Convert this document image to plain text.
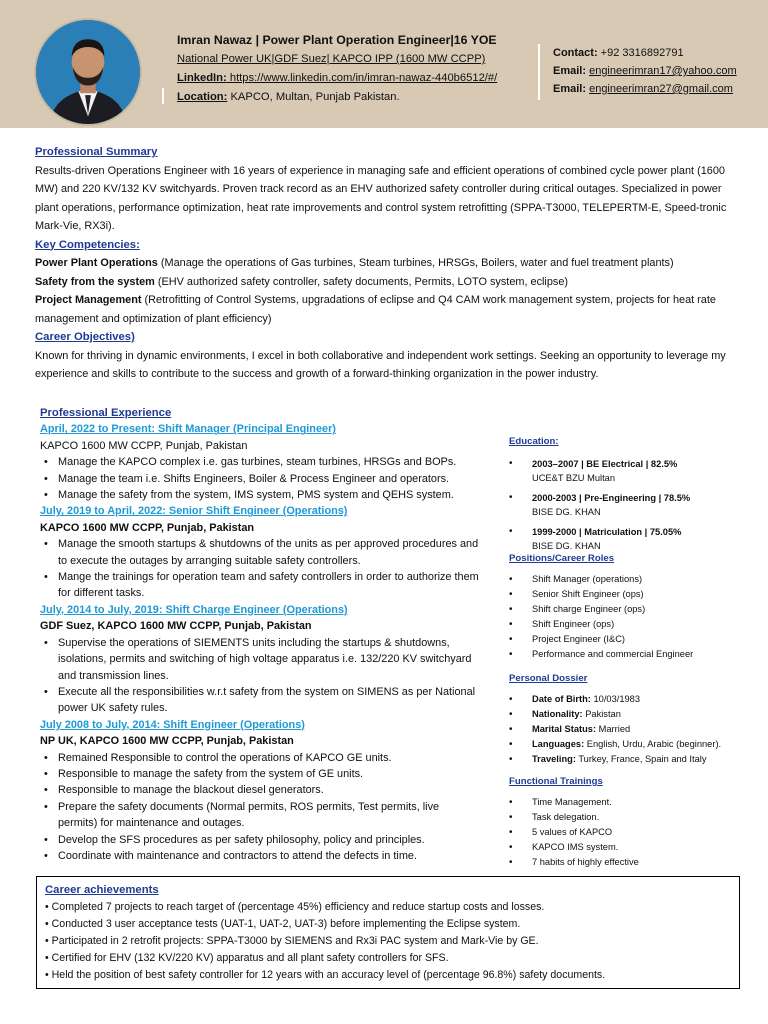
Imran Nawaz | Power Plant Operation Engineer|16 YOE
National Power UK|GDF Suez| KAPCO IPP (1600 MW CCPP)
LinkedIn: https://www.linkedin.com/in/imran-nawaz-440b6512/#/
Location: KAPCO, Multan, Punjab Pakistan.
Contact: +92 3316892791
Email: engineerimran17@yahoo.com
Email: engineerimran27@gmail.com
Professional Summary
Results-driven Operations Engineer with 16 years of experience in managing safe and efficient operations of combined cycle power plant (1600 MW) and 220 KV/132 KV switchyards. Proven track record as an EHV authorized safety controller during critical outages. Specialized in power plant operations, performance optimization, heat rate improvements and control system retrofitting (SPPA-T3000, TELEPERTM-E, Speed-tronic Mark-Vie, RX3i).
Key Competencies:
Power Plant Operations (Manage the operations of Gas turbines, Steam turbines, HRSGs, Boilers, water and fuel treatment plants)
Safety from the system (EHV authorized safety controller, safety documents, Permits, LOTO system, eclipse)
Project Management (Retrofitting of Control Systems, upgradations of eclipse and Q4 CAM work management system, projects for heat rate management and optimization of plant efficiency)
Career Objectives)
Known for thriving in dynamic environments, I excel in both collaborative and independent work settings. Seeking an opportunity to leverage my experience and skills to contribute to the success and growth of a forward-thinking organization in the power industry.
Professional Experience
April, 2022 to Present: Shift Manager (Principal Engineer)
KAPCO 1600 MW CCPP, Punjab, Pakistan
• Manage the KAPCO complex i.e. gas turbines, steam turbines, HRSGs and BOPs.
• Manage the team i.e. Shifts Engineers, Boiler & Process Engineer and operators.
• Manage the safety from the system, IMS system, PMS system and QEHS system.
July, 2019 to April, 2022: Senior Shift Engineer (Operations)
KAPCO 1600 MW CCPP, Punjab, Pakistan
• Manage the smooth startups & shutdowns of the units as per approved procedures and to execute the outages by arranging suitable safety controllers.
• Mange the trainings for operation team and safety controllers in order to authorize them for different tasks.
July, 2014 to July, 2019: Shift Charge Engineer (Operations)
GDF Suez, KAPCO 1600 MW CCPP, Punjab, Pakistan
• Supervise the operations of SIEMENTS units including the startups & shutdowns, isolations, permits and switching of high voltage apparatus i.e. 132/220 KV switchyard and transmission lines.
• Execute all the responsibilities w.r.t safety from the system on SIMENS as per National power UK safety rules.
July 2008 to July, 2014: Shift Engineer (Operations)
NP UK, KAPCO 1600 MW CCPP, Punjab, Pakistan
• Remained Responsible to control the operations of KAPCO GE units.
• Responsible to manage the safety from the system of GE units.
• Responsible to manage the blackout diesel generators.
• Prepare the safety documents (Normal permits, ROS permits, Test permits, live permits) for maintenance and outages.
• Develop the SFS procedures as per safety philosophy, policy and principles.
• Coordinate with maintenance and contractors to attend the defects in time.
Education:
• 2003–2007 | BE Electrical | 82.5%
UCE&T BZU Multan
• 2000-2003 | Pre-Engineering | 78.5%
BISE DG. KHAN
• 1999-2000 | Matriculation | 75.05%
BISE DG. KHAN
Positions/Career Roles
• Shift Manager (operations)
• Senior Shift Engineer (ops)
• Shift charge Engineer (ops)
• Shift Engineer (ops)
• Project Engineer (I&C)
• Performance and commercial Engineer
Personal Dossier
• Date of Birth: 10/03/1983
• Nationality: Pakistan
• Marital Status: Married
• Languages: English, Urdu, Arabic (beginner).
• Traveling: Turkey, France, Spain and Italy
Functional Trainings
• Time Management.
• Task delegation.
• 5 values of KAPCO
• KAPCO IMS system.
• 7 habits of highly effective
Career achievements
• Completed 7 projects to reach target of (percentage 45%) efficiency and reduce startup costs and losses.
• Conducted 3 user acceptance tests (UAT-1, UAT-2, UAT-3) before implementing the Eclipse system.
• Participated in 2 retrofit projects: SPPA-T3000 by SIEMENS and Rx3i PAC system and Mark-Vie by GE.
• Certified for EHV (132 KV/220 KV) apparatus and all plant safety controllers for SFS.
• Held the position of best safety controller for 12 years with an accuracy level of (percentage 96.8%) safety documents.
